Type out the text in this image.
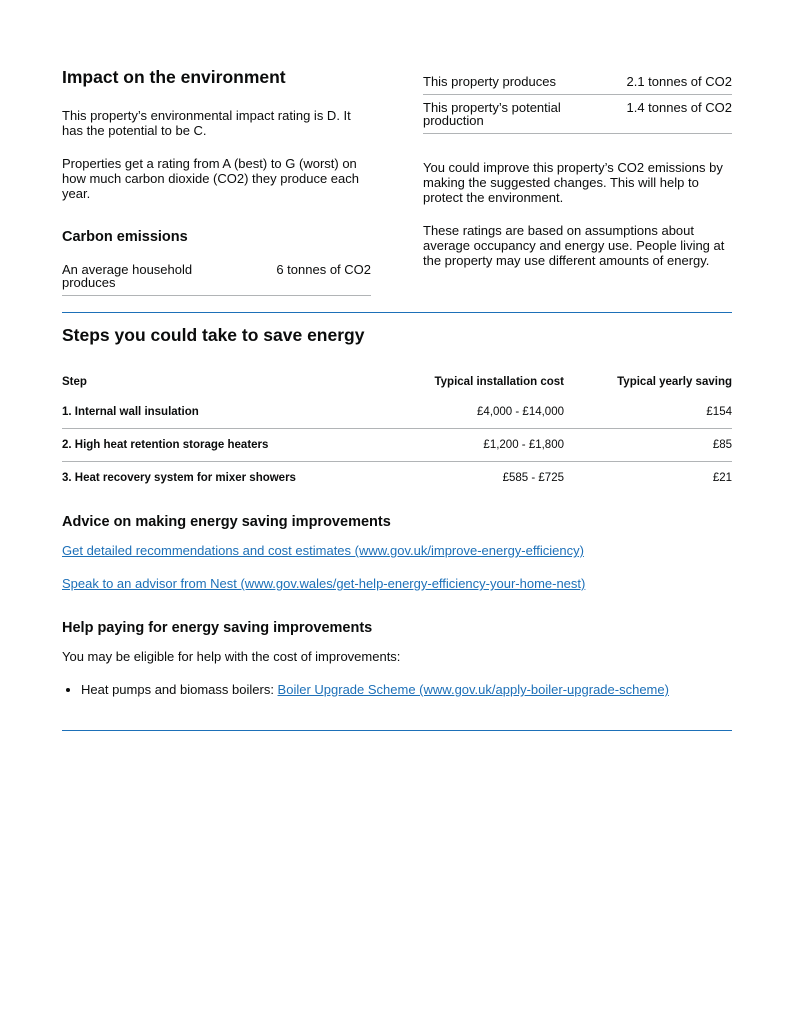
Impact on the environment

This property’s environmental impact rating is D. It has the potential to be C.

Properties get a rating from A (best) to G (worst) on how much carbon dioxide (CO2) they produce each year.

Carbon emissions
An average household produces
6 tonnes of CO2
This property produces	2.1 tonnes of CO2
This property’s potential production
1.4 tonnes of CO2

You could improve this property’s CO2 emissions by making the suggested changes. This will help to protect the environment.

These ratings are based on assumptions about average occupancy and energy use. People living at the property may use different amounts of energy.

Steps you could take to save energy
Step	Typical installation cost	Typical yearly saving
1. Internal wall insulation	£4,000 - £14,000	£154
2. High heat retention storage heaters	£1,200 - £1,800	£85
3. Heat recovery system for mixer showers	£585 - £725	£21
Advice on making energy saving improvements
Get detailed recommendations and cost estimates (www.gov.uk/improve-energy-efficiency)
Speak to an advisor from Nest (www.gov.wales/get-help-energy-efficiency-your-home-nest)
Help paying for energy saving improvements

You may be eligible for help with the cost of improvements:

• Heat pumps and biomass boilers: Boiler Upgrade Scheme (www.gov.uk/apply-boiler-upgrade-scheme)
